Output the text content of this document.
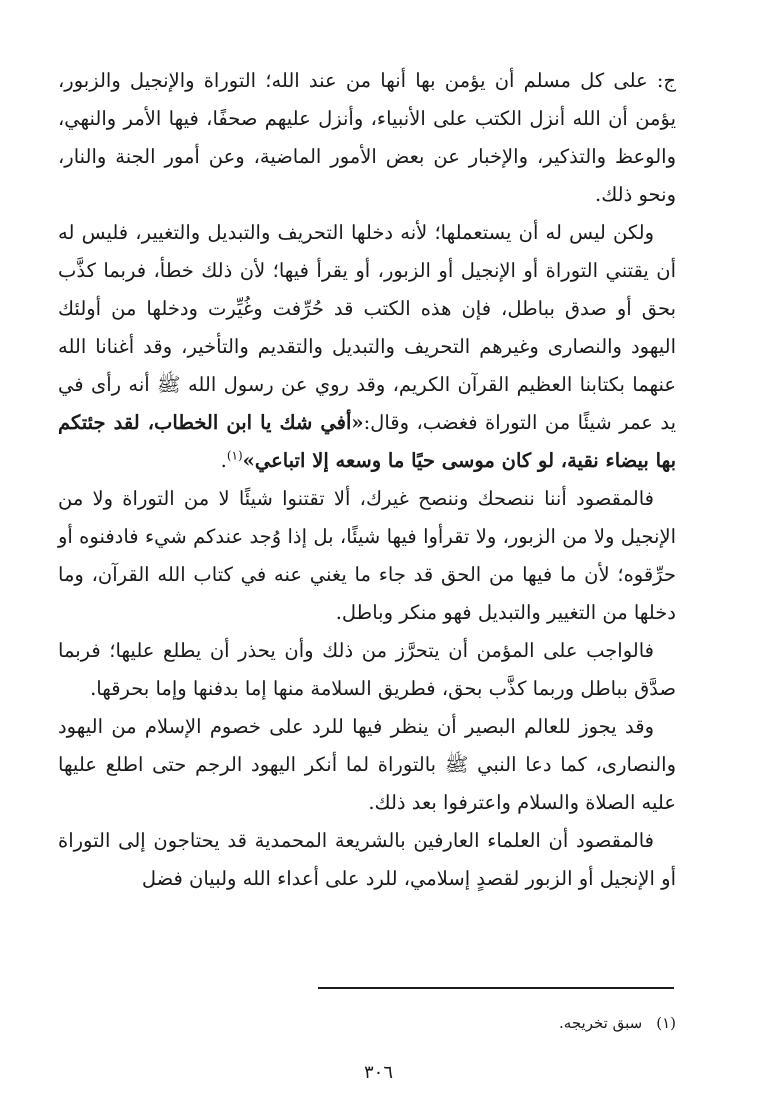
ج: على كل مسلم أن يؤمن بها أنها من عند الله؛ التوراة والإنجيل والزبور، يؤمن أن الله أنزل الكتب على الأنبياء، وأنزل عليهم صحفًا، فيها الأمر والنهي، والوعظ والتذكير، والإخبار عن بعض الأمور الماضية، وعن أمور الجنة والنار، ونحو ذلك.

ولكن ليس له أن يستعملها؛ لأنه دخلها التحريف والتبديل والتغيير، فليس له أن يقتني التوراة أو الإنجيل أو الزبور، أو يقرأ فيها؛ لأن ذلك خطأ، فربما كذَّب بحق أو صدق بباطل، فإن هذه الكتب قد حُرِّفت وغُيِّرت ودخلها من أولئك اليهود والنصارى وغيرهم التحريف والتبديل والتقديم والتأخير، وقد أغنانا الله عنهما بكتابنا العظيم القرآن الكريم، وقد روي عن رسول الله ﷺ أنه رأى في يد عمر شيئًا من التوراة فغضب، وقال:«أفي شك يا ابن الخطاب، لقد جئتكم بها بيضاء نقية، لو كان موسى حيًا ما وسعه إلا اتباعي»$^{(١)}$.

فالمقصود أننا ننصحك وننصح غيرك، ألا تقتنوا شيئًا لا من التوراة ولا من الإنجيل ولا من الزبور، ولا تقرأوا فيها شيئًا، بل إذا وُجد عندكم شيء فادفنوه أو حرِّقوه؛ لأن ما فيها من الحق قد جاء ما يغني عنه في كتاب الله القرآن، وما دخلها من التغيير والتبديل فهو منكر وباطل.

فالواجب على المؤمن أن يتحرَّز من ذلك وأن يحذر أن يطلع عليها؛ فربما صدَّق بباطل وربما كذَّب بحق، فطريق السلامة منها إما بدفنها وإما بحرقها.

وقد يجوز للعالم البصير أن ينظر فيها للرد على خصوم الإسلام من اليهود والنصارى، كما دعا النبي ﷺ بالتوراة لما أنكر اليهود الرجم حتى اطلع عليها عليه الصلاة والسلام واعترفوا بعد ذلك.

فالمقصود أن العلماء العارفين بالشريعة المحمدية قد يحتاجون إلى التوراة أو الإنجيل أو الزبور لقصدٍ إسلامي، للرد على أعداء الله ولبيان فضل

(١)سبق تخريجه.
٣٠٦
